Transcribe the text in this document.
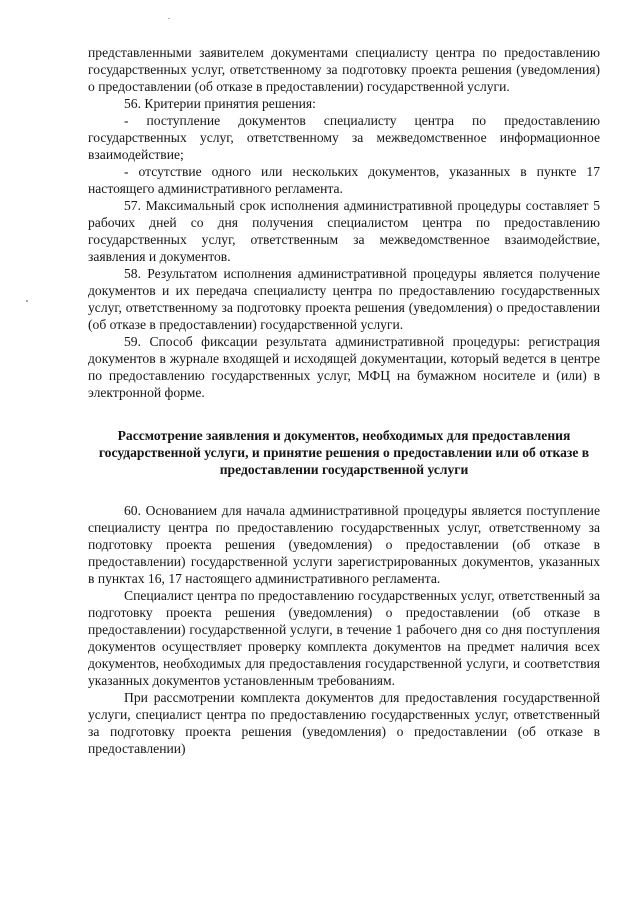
представленными заявителем документами специалисту центра по предоставлению государственных услуг, ответственному за подготовку проекта решения (уведомления) о предоставлении (об отказе в предоставлении) государственной услуги.

56. Критерии принятия решения:

- поступление документов специалисту центра по предоставлению государственных услуг, ответственному за межведомственное информационное взаимодействие;

- отсутствие одного или нескольких документов, указанных в пункте 17 настоящего административного регламента.

57. Максимальный срок исполнения административной процедуры составляет 5 рабочих дней со дня получения специалистом центра по предоставлению государственных услуг, ответственным за межведомственное взаимодействие, заявления и документов.

58. Результатом исполнения административной процедуры является получение документов и их передача специалисту центра по предоставлению государственных услуг, ответственному за подготовку проекта решения (уведомления) о предоставлении (об отказе в предоставлении) государственной услуги.

59. Способ фиксации результата административной процедуры: регистрация документов в журнале входящей и исходящей документации, который ведется в центре по предоставлению государственных услуг, МФЦ на бумажном носителе и (или) в электронной форме.

Рассмотрение заявления и документов, необходимых для предоставления государственной услуги, и принятие решения о предоставлении или об отказе в предоставлении государственной услуги

60. Основанием для начала административной процедуры является поступление специалисту центра по предоставлению государственных услуг, ответственному за подготовку проекта решения (уведомления) о предоставлении (об отказе в предоставлении) государственной услуги зарегистрированных документов, указанных в пунктах 16, 17 настоящего административного регламента.

Специалист центра по предоставлению государственных услуг, ответственный за подготовку проекта решения (уведомления) о предоставлении (об отказе в предоставлении) государственной услуги, в течение 1 рабочего дня со дня поступления документов осуществляет проверку комплекта документов на предмет наличия всех документов, необходимых для предоставления государственной услуги, и соответствия указанных документов установленным требованиям.

При рассмотрении комплекта документов для предоставления государственной услуги, специалист центра по предоставлению государственных услуг, ответственный за подготовку проекта решения (уведомления) о предоставлении (об отказе в предоставлении)
